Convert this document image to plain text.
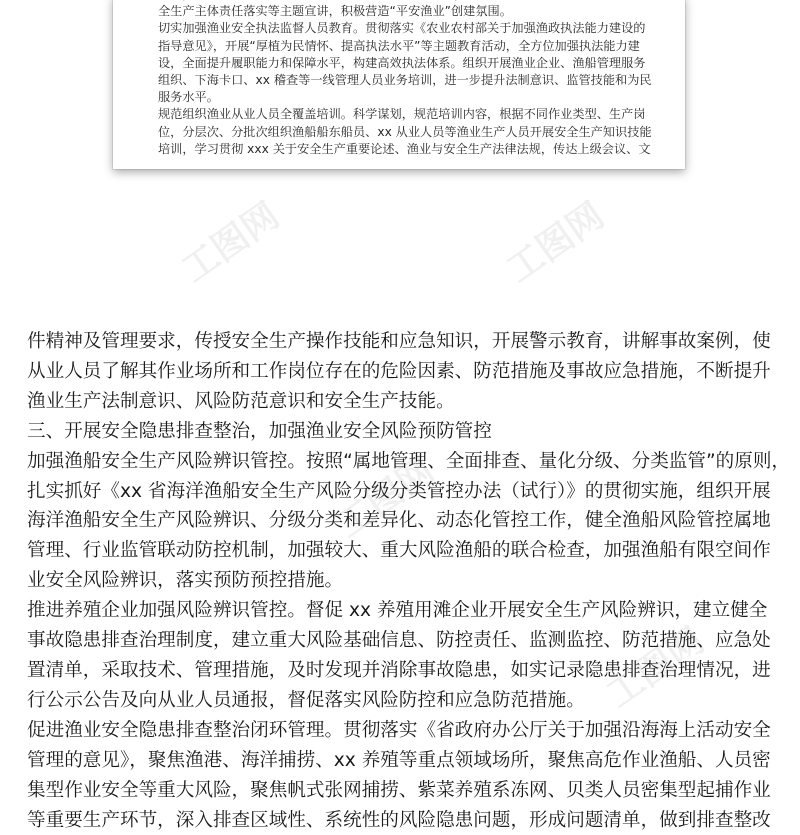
全生产主体责任落实等主题宣讲，积极营造“平安渔业”创建氛围。
切实加强渔业安全执法监督人员教育。贯彻落实《农业农村部关于加强渔政执法能力建设的
指导意见》，开展“厚植为民情怀、提高执法水平”等主题教育活动，全方位加强执法能力建
设，全面提升履职能力和保障水平，构建高效执法体系。组织开展渔业企业、渔船管理服务
组织、下海卡口、xx 稽查等一线管理人员业务培训，进一步提升法制意识、监管技能和为民
服务水平。
规范组织渔业从业人员全覆盖培训。科学谋划，规范培训内容，根据不同作业类型、生产岗
位，分层次、分批次组织渔船船东船员、xx 从业人员等渔业生产人员开展安全生产知识技能
培训，学习贯彻 xxx 关于安全生产重要论述、渔业与安全生产法律法规，传达上级会议、文
工图网	工图网
工图网
工图网
件精神及管理要求，传授安全生产操作技能和应急知识，开展警示教育，讲解事故案例，使
从业人员了解其作业场所和工作岗位存在的危险因素、防范措施及事故应急措施，不断提升
渔业生产法制意识、风险防范意识和安全生产技能。
三、开展安全隐患排查整治，加强渔业安全风险预防管控
加强渔船安全生产风险辨识管控。按照“属地管理、全面排查、量化分级、分类监管”的原则，
扎实抓好《xx 省海洋渔船安全生产风险分级分类管控办法（试行）》的贯彻实施，组织开展
海洋渔船安全生产风险辨识、分级分类和差异化、动态化管控工作，健全渔船风险管控属地
管理、行业监管联动防控机制，加强较大、重大风险渔船的联合检查，加强渔船有限空间作
业安全风险辨识，落实预防预控措施。
推进养殖企业加强风险辨识管控。督促 xx 养殖用滩企业开展安全生产风险辨识，建立健全
事故隐患排查治理制度，建立重大风险基础信息、防控责任、监测监控、防范措施、应急处
置清单，采取技术、管理措施，及时发现并消除事故隐患，如实记录隐患排查治理情况，进
行公示公告及向从业人员通报，督促落实风险防控和应急防范措施。
促进渔业安全隐患排查整治闭环管理。贯彻落实《省政府办公厅关于加强沿海海上活动安全
管理的意见》，聚焦渔港、海洋捕捞、xx 养殖等重点领域场所，聚焦高危作业渔船、人员密
集型作业安全等重大风险，聚焦帆式张网捕捞、紫菜养殖系冻网、贝类人员密集型起捕作业
等重要生产环节，深入排查区域性、系统性的风险隐患问题，形成问题清单，做到排查整改
